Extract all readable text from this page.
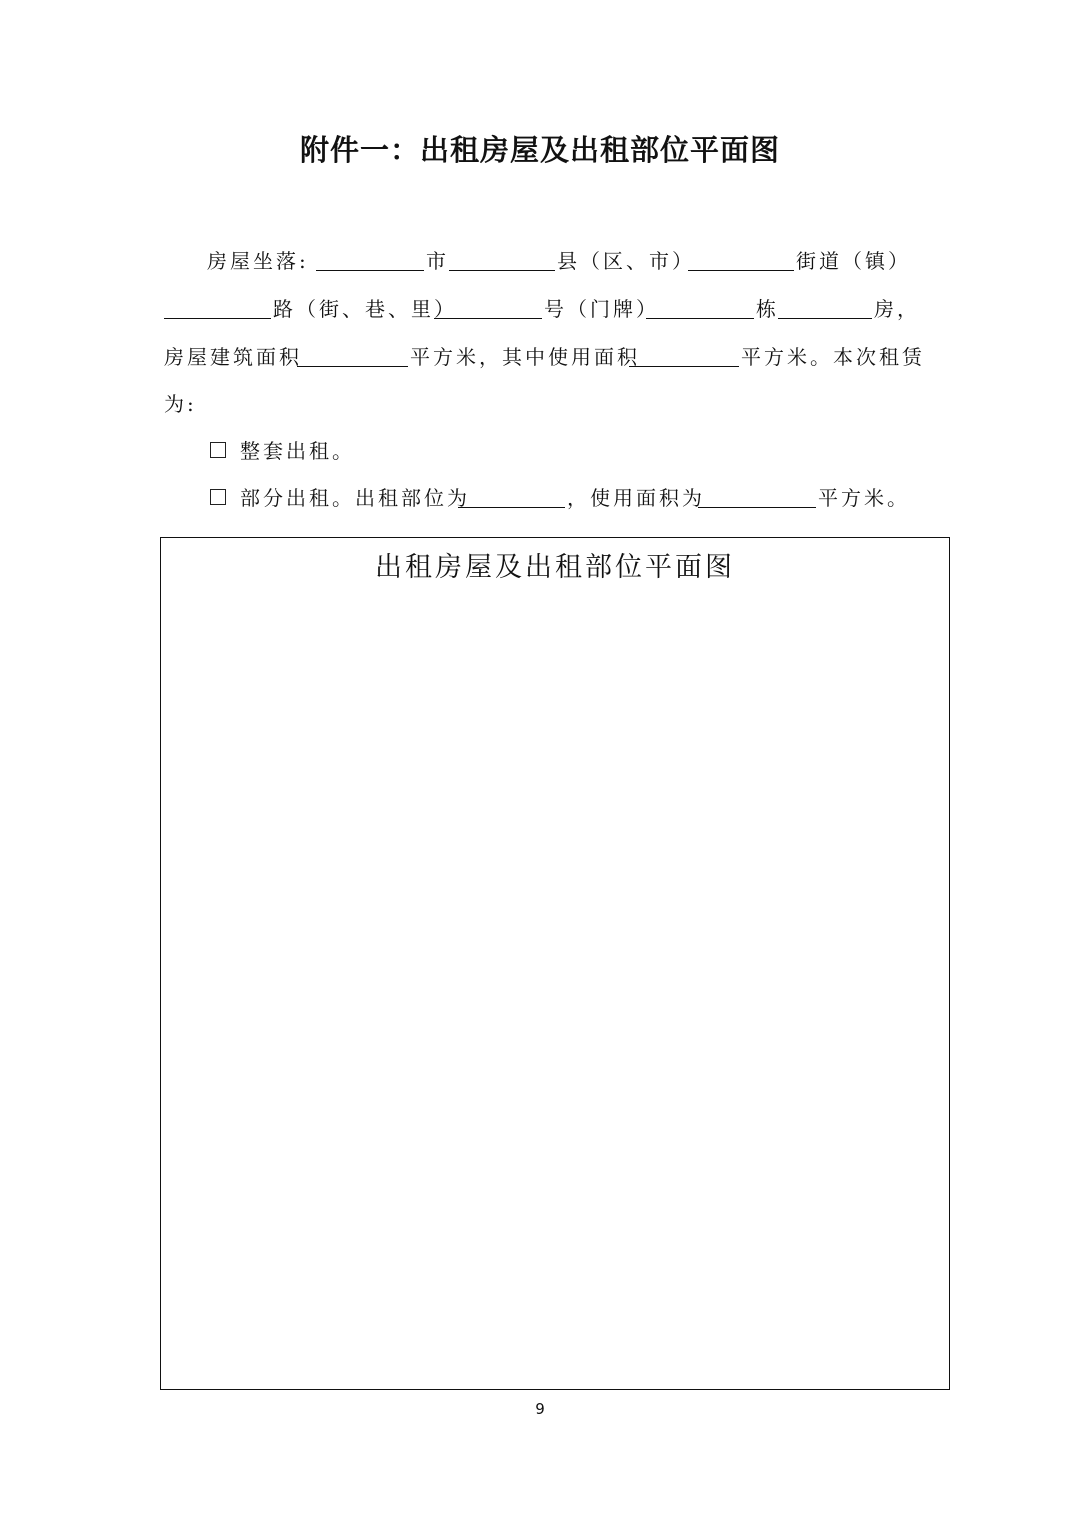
附件一：出租房屋及出租部位平面图
房屋坐落:	市	县（区、市）	街道（镇）
路（街、巷、里）	号（门牌）	栋	房，
房屋建筑面积	平方米，其中使用面积	平方米。本次租赁
为:
整套出租。
部分出租。出租部位为	，使用面积为	平方米。
出租房屋及出租部位平面图
9
